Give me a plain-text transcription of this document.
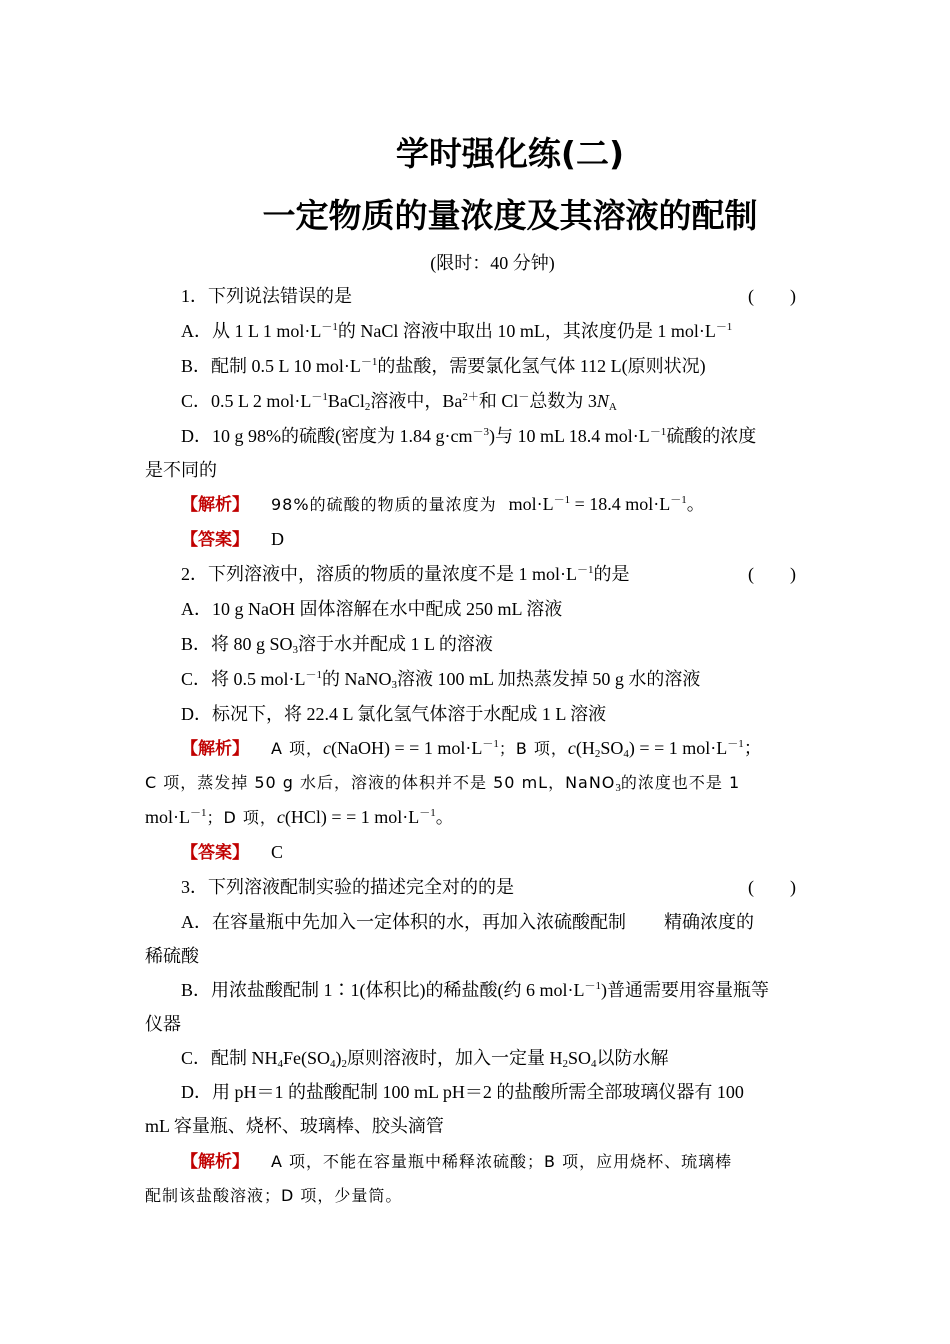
学时强化练(二)
一定物质的量浓度及其溶液的配制
(限时：40 分钟)
1．下列说法错误的是	(　　)
A．从 1 L 1 $mol\cdot L^{-1}$的 NaCl 溶液中取出 10 mL，其浓度仍是 1 $mol\cdot L^{-1}$
B．配制 0.5 L 10 $mol\cdot L^{-1}$的盐酸，需要氯化氢气体 112 L(原则状况)
C．0.5 L 2 $mol\cdot L^{-1}BaCl_2$溶液中，$Ba^{2+}$和 Cl－总数为 $3N_A$
D．10 g 98%的硫酸(密度为 1.84 $g\cdot cm^{-3}$)与 10 mL 18.4 $mol\cdot L^{-1}$硫酸的浓度
是不同的
【解析】 98%的硫酸的物质的量浓度为 $mol\cdot L^{-1} = 18.4$ $mol\cdot L^{-1}$。
【答案】 D
2．下列溶液中，溶质的物质的量浓度不是 1 $mol\cdot L^{-1}$的是	(　　)
A．10 g NaOH 固体溶解在水中配成 250 mL 溶液
B．将 80 g $SO_3$溶于水并配成 1 L 的溶液
C．将 0.5 $mol\cdot L^{-1}$的 NaNO$_3$溶液 100 mL 加热蒸发掉 50 g 水的溶液
D．标况下，将 22.4 L 氯化氢气体溶于水配成 1 L 溶液
【解析】 A 项，c(NaOH) = = 1 $mol\cdot L^{-1}$；B 项，$c(H_2SO_4)$ = = 1 $mol\cdot L^{-1}$；
C 项，蒸发掉 50 g 水后，溶液的体积并不是 50 mL，NaNO$_3$的浓度也不是 1
$mol\cdot L^{-1}$；D 项，c(HCl) = = 1 $mol\cdot L^{-1}$。
【答案】 C
3．下列溶液配制实验的描述完全对的的是	(　　)
A．在容量瓶中先加入一定体积的水，再加入浓硫酸配制 精确浓度的
稀硫酸
B．用浓盐酸配制 1∶1(体积比)的稀盐酸(约 6 $mol\cdot L^{-1}$)普通需要用容量瓶等
仪器
C．配制 $NH_4Fe(SO_4)_2$原则溶液时，加入一定量 $H_2SO_4$以防水解
D．用 pH＝1 的盐酸配制 100 mL pH＝2 的盐酸所需全部玻璃仪器有 100
mL 容量瓶、烧杯、玻璃棒、胶头滴管
【解析】 A 项，不能在容量瓶中稀释浓硫酸；B 项，应用烧杯、琉璃棒
配制该盐酸溶液；D 项，少量筒。
